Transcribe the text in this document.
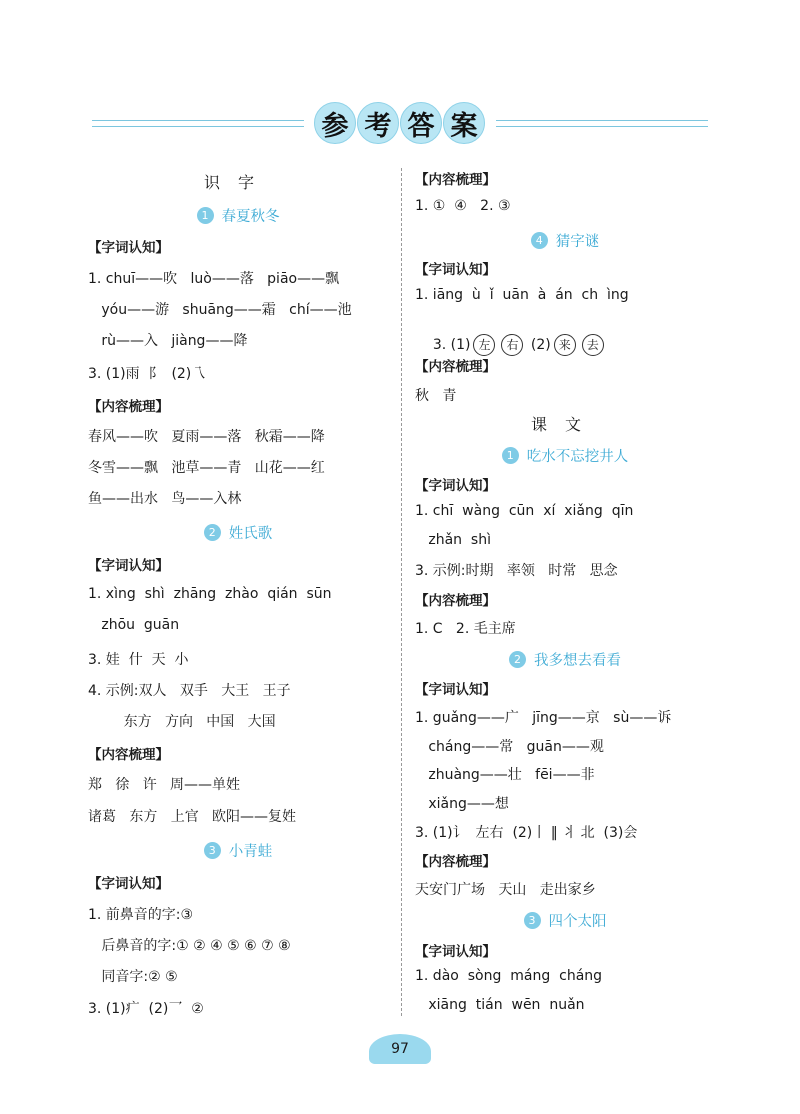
参 考 答 案
识字
1 春夏秋冬
【字词认知】
1. chuī——吹   luò——落   piāo——飘
yóu——游   shuāng——霜   chí——池
rù——入   jiàng——降
3. (1)雨  阝  (2)乁
【内容梳理】
春风——吹   夏雨——落   秋霜——降
冬雪——飘   池草——青   山花——红
鱼——出水   鸟——入林
2 姓氏歌
【字词认知】
1. xìng  shì  zhāng  zhào  qián  sūn
zhōu  guān
3. 娃  什  天  小
4. 示例:双人   双手   大王   王子
东方   方向   中国   大国
【内容梳理】
郑   徐   许   周——单姓
诸葛   东方   上官   欧阳——复姓
3 小青蛙
【字词认知】
1. 前鼻音的字:③
后鼻音的字:① ② ④ ⑤ ⑥ ⑦ ⑧
同音字:② ⑤
3. (1)疒  (2)乛  ②
【内容梳理】
1. ①  ④   2. ③
4 猜字谜
【字词认知】
1. iāng  ù  ǐ  uān  à  án  ch  ìng

3. (1) 左 右 (2) 来 去

【内容梳理】
秋   青
课文
1 吃水不忘挖井人
【字词认知】
1. chī  wàng  cūn  xí  xiǎng  qīn
zhǎn  shì
3. 示例:时期   率领   时常   思念
【内容梳理】
1. C   2. 毛主席
2 我多想去看看
【字词认知】
1. guǎng——广   jīng——京   sù——诉
cháng——常   guān——观
zhuàng——壮   fēi——非
xiǎng——想
3. (1)讠  左右  (2)丨 ‖ 丬 北  (3)会
【内容梳理】
天安门广场   天山   走出家乡
3 四个太阳
【字词认知】
1. dào  sòng  máng  cháng
xiāng  tián  wēn  nuǎn
97
